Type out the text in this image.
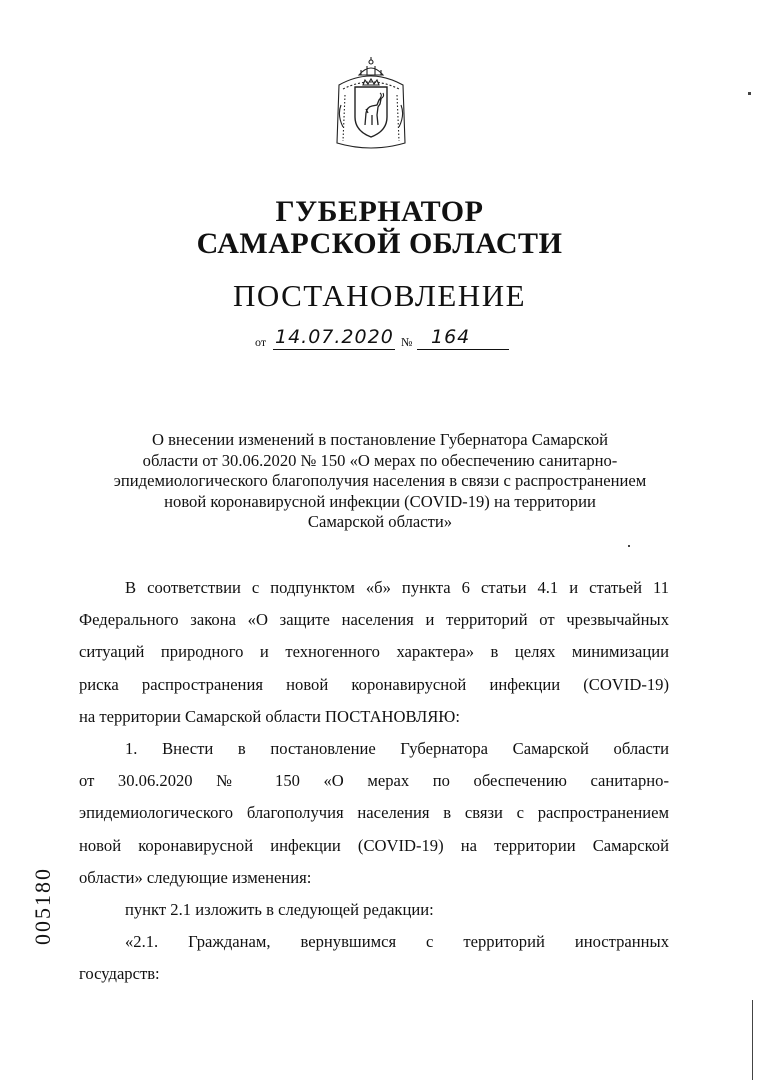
ГУБЕРНАТОР
САМАРСКОЙ ОБЛАСТИ
ПОСТАНОВЛЕНИЕ
от 14.07.2020 № 164
О внесении изменений в постановление Губернатора Самарской
области от 30.06.2020 № 150 «О мерах по обеспечению санитарно-
эпидемиологического благополучия населения в связи с распространением
новой коронавирусной инфекции (COVID-19) на территории
Самарской области»
В соответствии с подпунктом «б» пункта 6 статьи 4.1 и статьей 11
Федерального закона «О защите населения и территорий от чрезвычайных
ситуаций природного и техногенного характера» в целях минимизации
риска распространения новой коронавирусной инфекции (COVID-19)
на территории Самарской области ПОСТАНОВЛЯЮ:
1. Внести в постановление Губернатора Самарской области
от 30.06.2020 № 150 «О мерах по обеспечению санитарно-
эпидемиологического благополучия населения в связи с распространением
новой коронавирусной инфекции (COVID-19) на территории Самарской
области» следующие изменения:
пункт 2.1 изложить в следующей редакции:
«2.1. Гражданам, вернувшимся с территорий иностранных
государств:
005180
